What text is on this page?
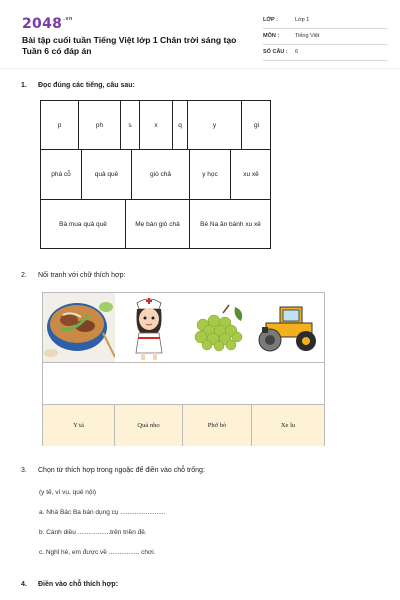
$2048^{.vn}$
Bài tập cuối tuần Tiếng Việt lớp 1 Chân trời sáng tạo Tuần 6 có đáp án
LỚP :	Lớp 1
MÔN :	Tiếng Việt
SỐ CÂU : 6
1. Đọc đúng các tiếng, câu sau:
p	ph	s	x	q	y	gi
phá cỗ	quả quê	giò chả	y học	xu xê
Bà mua quả quê	Mẹ bán giò chả	Bé Na ăn bánh xu xê
2. Nối tranh với chữ thích hợp:
Y tá	Quả nho	Phở bò	Xe lu
3. Chọn từ thích hợp trong ngoặc để điền vào chỗ trống:
(y tế, ví vụ, quê nội)
a. Nhà Bác Ba bán dụng cụ .........................
b. Cánh diều ..................trên triền đê.
c. Nghỉ hè, em được về ................. chơi.
4. Điền vào chỗ thích hợp:
